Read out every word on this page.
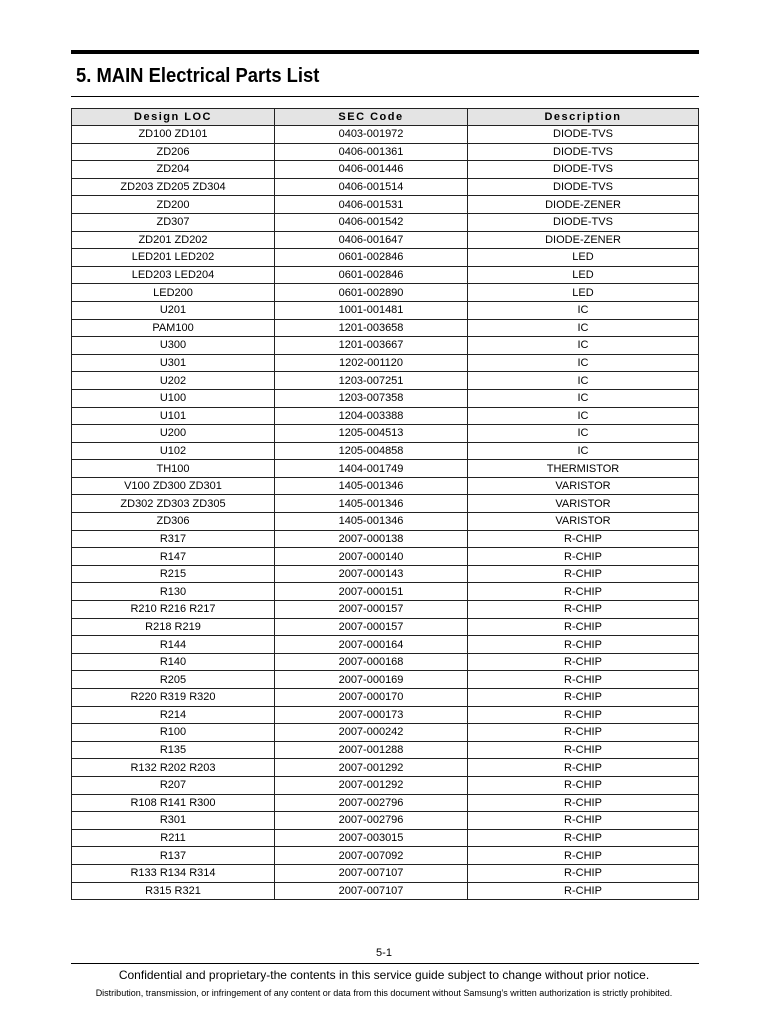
5. MAIN Electrical Parts List
Design LOC	SEC Code	Description
ZD100 ZD101	0403-001972	DIODE-TVS
ZD206	0406-001361	DIODE-TVS
ZD204	0406-001446	DIODE-TVS
ZD203 ZD205 ZD304	0406-001514	DIODE-TVS
ZD200	0406-001531	DIODE-ZENER
ZD307	0406-001542	DIODE-TVS
ZD201 ZD202	0406-001647	DIODE-ZENER
LED201 LED202	0601-002846	LED
LED203 LED204	0601-002846	LED
LED200	0601-002890	LED
U201	1001-001481	IC
PAM100	1201-003658	IC
U300	1201-003667	IC
U301	1202-001120	IC
U202	1203-007251	IC
U100	1203-007358	IC
U101	1204-003388	IC
U200	1205-004513	IC
U102	1205-004858	IC
TH100	1404-001749	THERMISTOR
V100 ZD300 ZD301	1405-001346	VARISTOR
ZD302 ZD303 ZD305	1405-001346	VARISTOR
ZD306	1405-001346	VARISTOR
R317	2007-000138	R-CHIP
R147	2007-000140	R-CHIP
R215	2007-000143	R-CHIP
R130	2007-000151	R-CHIP
R210 R216 R217	2007-000157	R-CHIP
R218 R219	2007-000157	R-CHIP
R144	2007-000164	R-CHIP
R140	2007-000168	R-CHIP
R205	2007-000169	R-CHIP
R220 R319 R320	2007-000170	R-CHIP
R214	2007-000173	R-CHIP
R100	2007-000242	R-CHIP
R135	2007-001288	R-CHIP
R132 R202 R203	2007-001292	R-CHIP
R207	2007-001292	R-CHIP
R108 R141 R300	2007-002796	R-CHIP
R301	2007-002796	R-CHIP
R211	2007-003015	R-CHIP
R137	2007-007092	R-CHIP
R133 R134 R314	2007-007107	R-CHIP
R315 R321	2007-007107	R-CHIP
5-1
Confidential and proprietary-the contents in this service guide subject to change without prior notice.
Distribution, transmission, or infringement of any content or data from this document without Samsung’s written authorization is strictly prohibited.
